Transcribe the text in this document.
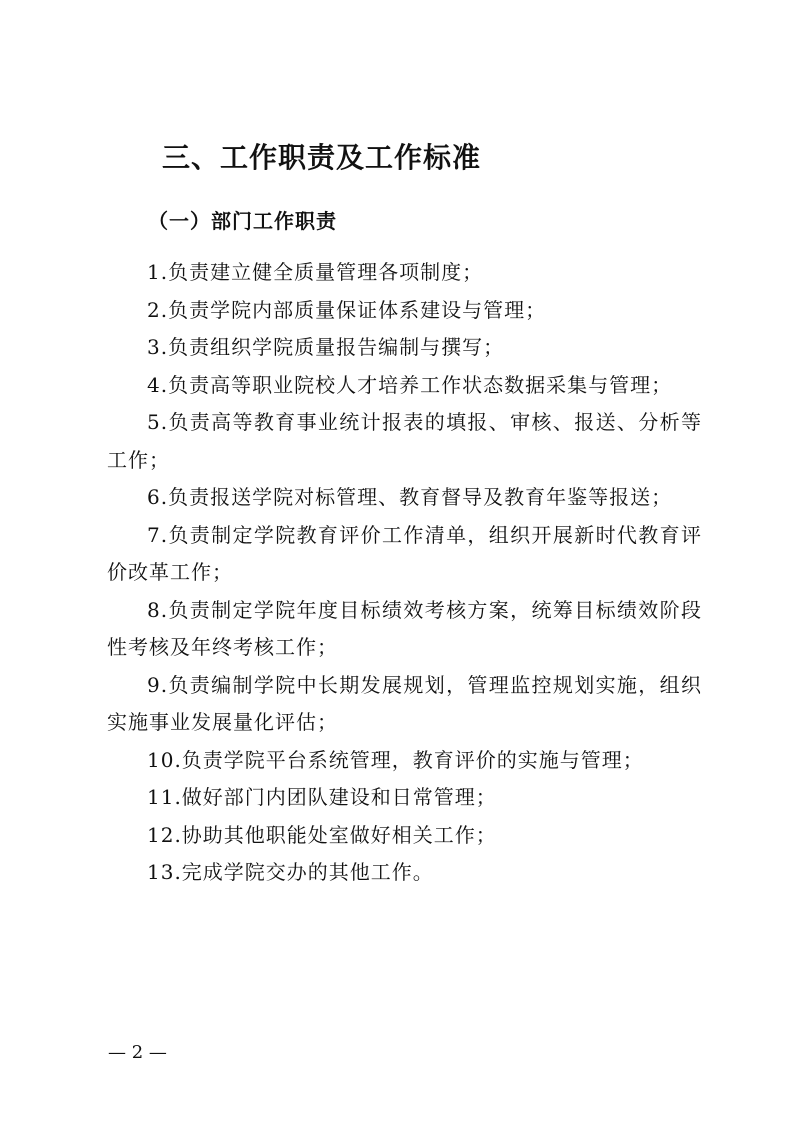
三、工作职责及工作标准
（一）部门工作职责
1.负责建立健全质量管理各项制度；
2.负责学院内部质量保证体系建设与管理；
3.负责组织学院质量报告编制与撰写；
4.负责高等职业院校人才培养工作状态数据采集与管理；
5.负责高等教育事业统计报表的填报、审核、报送、分析等工作；
6.负责报送学院对标管理、教育督导及教育年鉴等报送；
7.负责制定学院教育评价工作清单，组织开展新时代教育评价改革工作；
8.负责制定学院年度目标绩效考核方案，统筹目标绩效阶段性考核及年终考核工作；
9.负责编制学院中长期发展规划，管理监控规划实施，组织实施事业发展量化评估；
10.负责学院平台系统管理，教育评价的实施与管理；
11.做好部门内团队建设和日常管理；
12.协助其他职能处室做好相关工作；
13.完成学院交办的其他工作。
— 2 —
